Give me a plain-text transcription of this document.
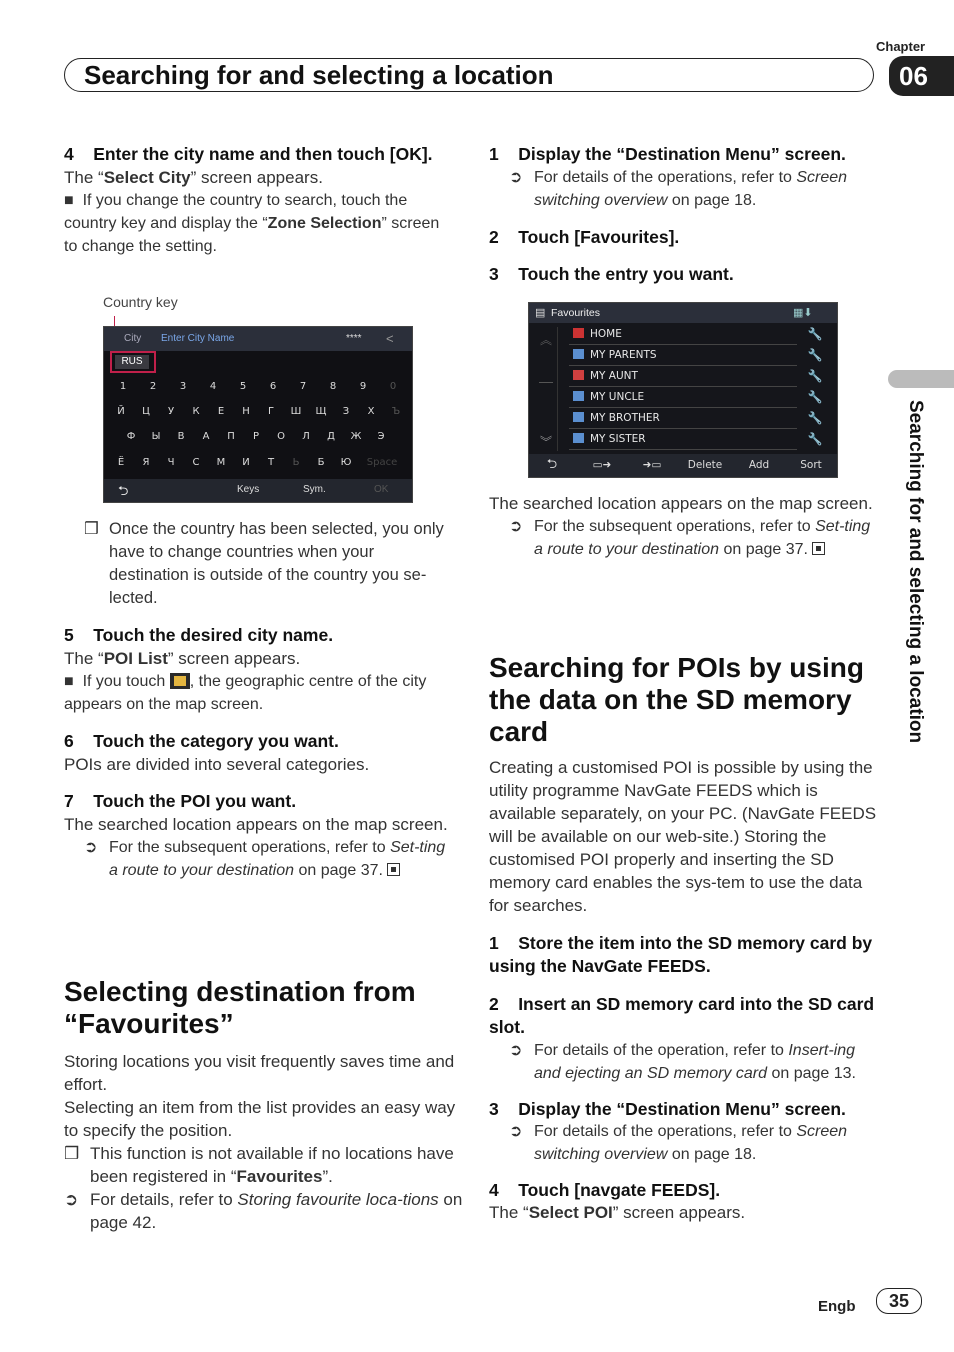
Chapter
06
Searching for and selecting a location
Searching for and selecting a location
4 Enter the city name and then touch [OK].
The “Select City” screen appears.
■  If you change the country to search, touch the country key and display the “Zone Selection” screen to change the setting.
Country key
City Enter City Name	**** <
RUS
1	2	3	4	5	6	7	8	9	0
Й	Ц	У	К	Е	Н	Г	Ш	Щ	З	Х	Ъ
Ф	Ы	В	А	П	Р	О	Л	Д	Ж	Э
Ё	Я	Ч	С	М	И	Т	Ь	Б	Ю	Space
⮌	Keys	Sym.	OK
❒ Once the country has been selected, you only have to change countries when your destination is outside of the country you se-lected.
5 Touch the desired city name.
The “POI List” screen appears.
■  If you touch , the geographic centre of the city appears on the map screen.
6 Touch the category you want.
POIs are divided into several categories.
7 Touch the POI you want.
The searched location appears on the map screen.
➲ For the subsequent operations, refer to Set-ting a route to your destination on page 37.
Selecting destination from “Favourites”
Storing locations you visit frequently saves time and effort.
Selecting an item from the list provides an easy way to specify the position.
❒ This function is not available if no locations have been registered in “Favourites”.
➲ For details, refer to Storing favourite loca-tions on page 42.
1 Display the “Destination Menu” screen.
➲ For details of the operations, refer to Screen switching overview on page 18.
2 Touch [Favourites].
3 Touch the entry you want.
▤ Favourites	▦⬇
︽
︾
HOME	🔧
MY PARENTS	🔧
MY AUNT	🔧
MY UNCLE	🔧
MY BROTHER	🔧
MY SISTER	🔧
⮌	▭➜	➜▭	Delete	Add	Sort
The searched location appears on the map screen.
➲ For the subsequent operations, refer to Set-ting a route to your destination on page 37.
Searching for POIs by using the data on the SD memory card
Creating a customised POI is possible by using the utility programme NavGate FEEDS which is available separately, on your PC. (NavGate FEEDS will be available on our web-site.) Storing the customised POI properly and inserting the SD memory card enables the sys-tem to use the data for searches.
1 Store the item into the SD memory card by using the NavGate FEEDS.
2 Insert an SD memory card into the SD card slot.
➲ For details of the operation, refer to Insert-ing and ejecting an SD memory card on page 13.
3 Display the “Destination Menu” screen.
➲ For details of the operations, refer to Screen switching overview on page 18.
4 Touch [navgate FEEDS].
The “Select POI” screen appears.
Engb	35
